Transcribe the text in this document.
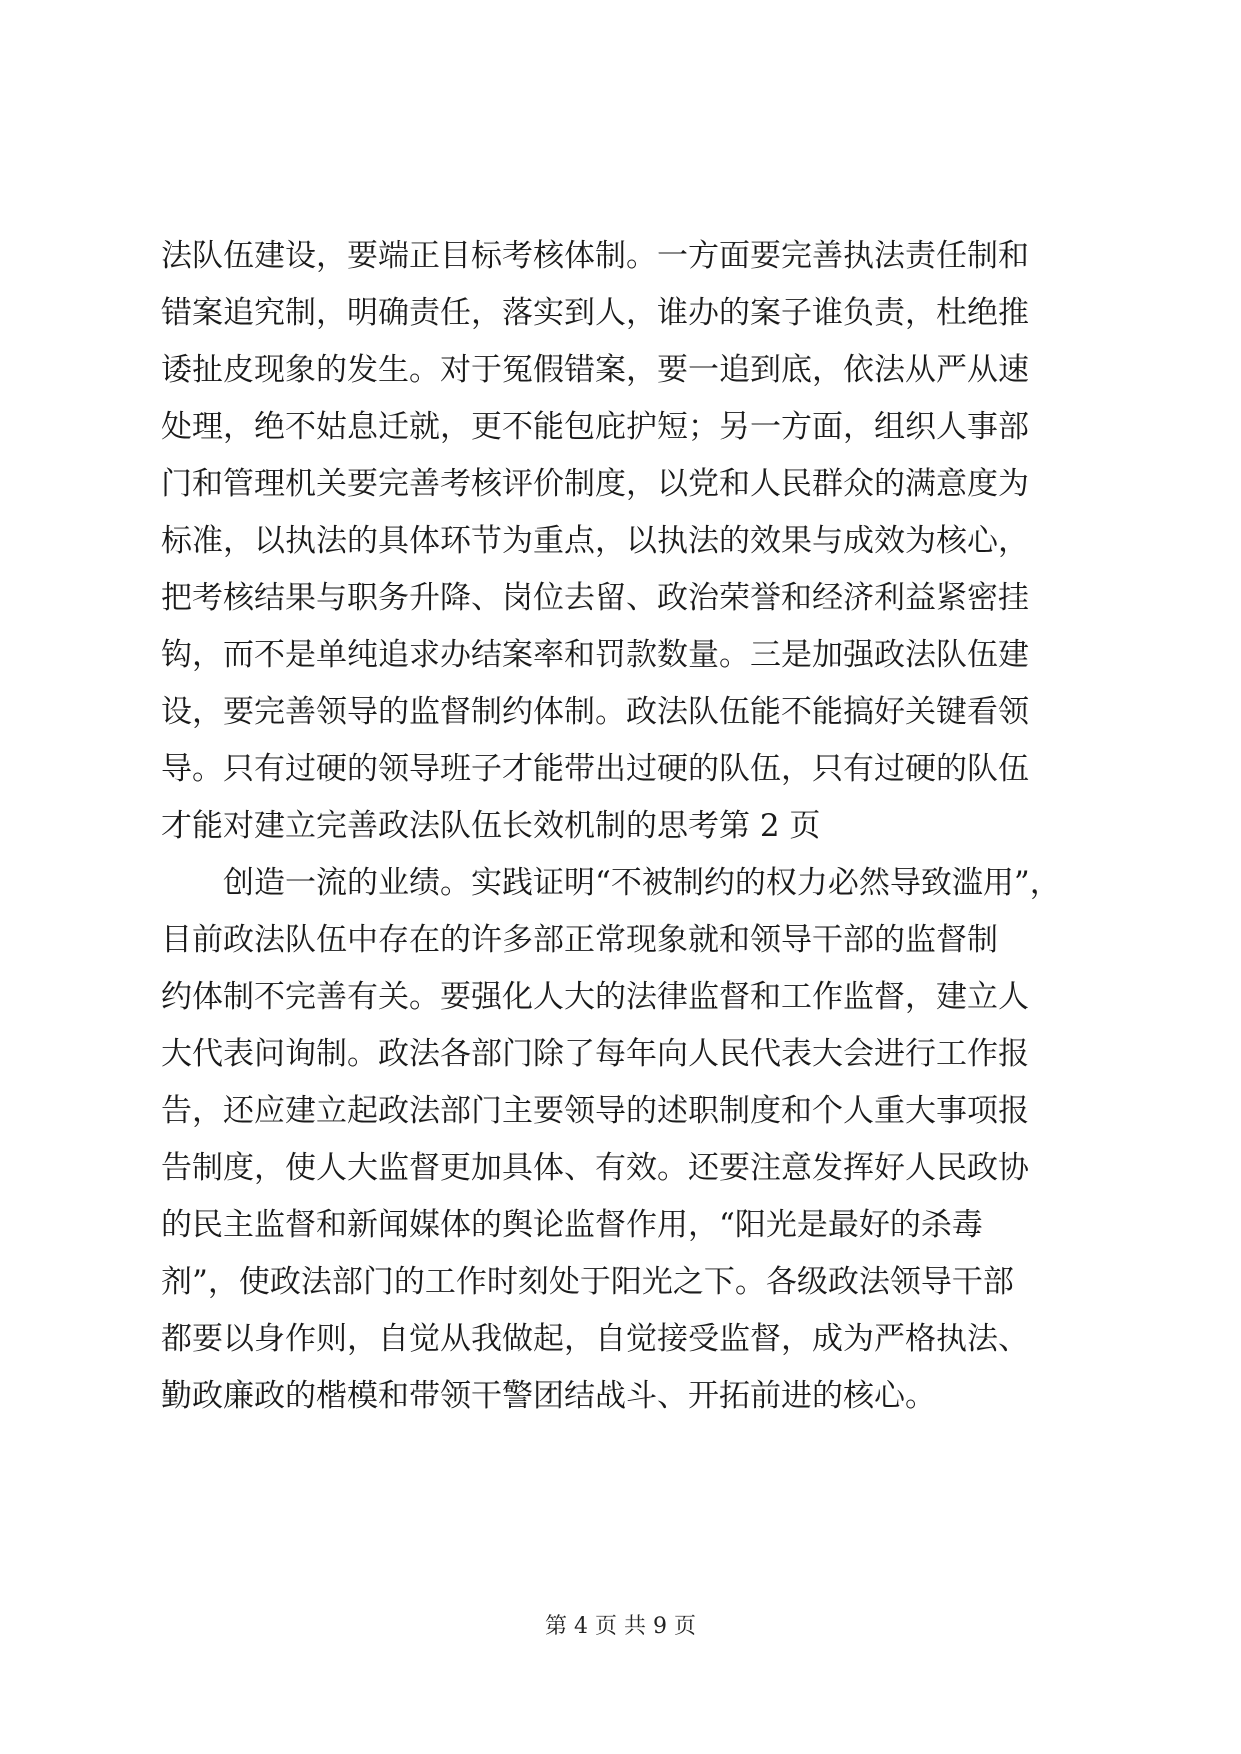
法队伍建设，要端正目标考核体制。一方面要完善执法责任制和
错案追究制，明确责任，落实到人，谁办的案子谁负责，杜绝推
诿扯皮现象的发生。对于冤假错案，要一追到底，依法从严从速
处理，绝不姑息迁就，更不能包庇护短；另一方面，组织人事部
门和管理机关要完善考核评价制度，以党和人民群众的满意度为
标准，以执法的具体环节为重点，以执法的效果与成效为核心，
把考核结果与职务升降、岗位去留、政治荣誉和经济利益紧密挂
钩，而不是单纯追求办结案率和罚款数量。三是加强政法队伍建
设，要完善领导的监督制约体制。政法队伍能不能搞好关键看领
导。只有过硬的领导班子才能带出过硬的队伍，只有过硬的队伍
才能对建立完善政法队伍长效机制的思考第 2 页
　　创造一流的业绩。实践证明“不被制约的权力必然导致滥用”，
目前政法队伍中存在的许多部正常现象就和领导干部的监督制
约体制不完善有关。要强化人大的法律监督和工作监督，建立人
大代表问询制。政法各部门除了每年向人民代表大会进行工作报
告，还应建立起政法部门主要领导的述职制度和个人重大事项报
告制度，使人大监督更加具体、有效。还要注意发挥好人民政协
的民主监督和新闻媒体的舆论监督作用，“阳光是最好的杀毒
剂”，使政法部门的工作时刻处于阳光之下。各级政法领导干部
都要以身作则，自觉从我做起，自觉接受监督，成为严格执法、
勤政廉政的楷模和带领干警团结战斗、开拓前进的核心。
第 4 页 共 9 页
